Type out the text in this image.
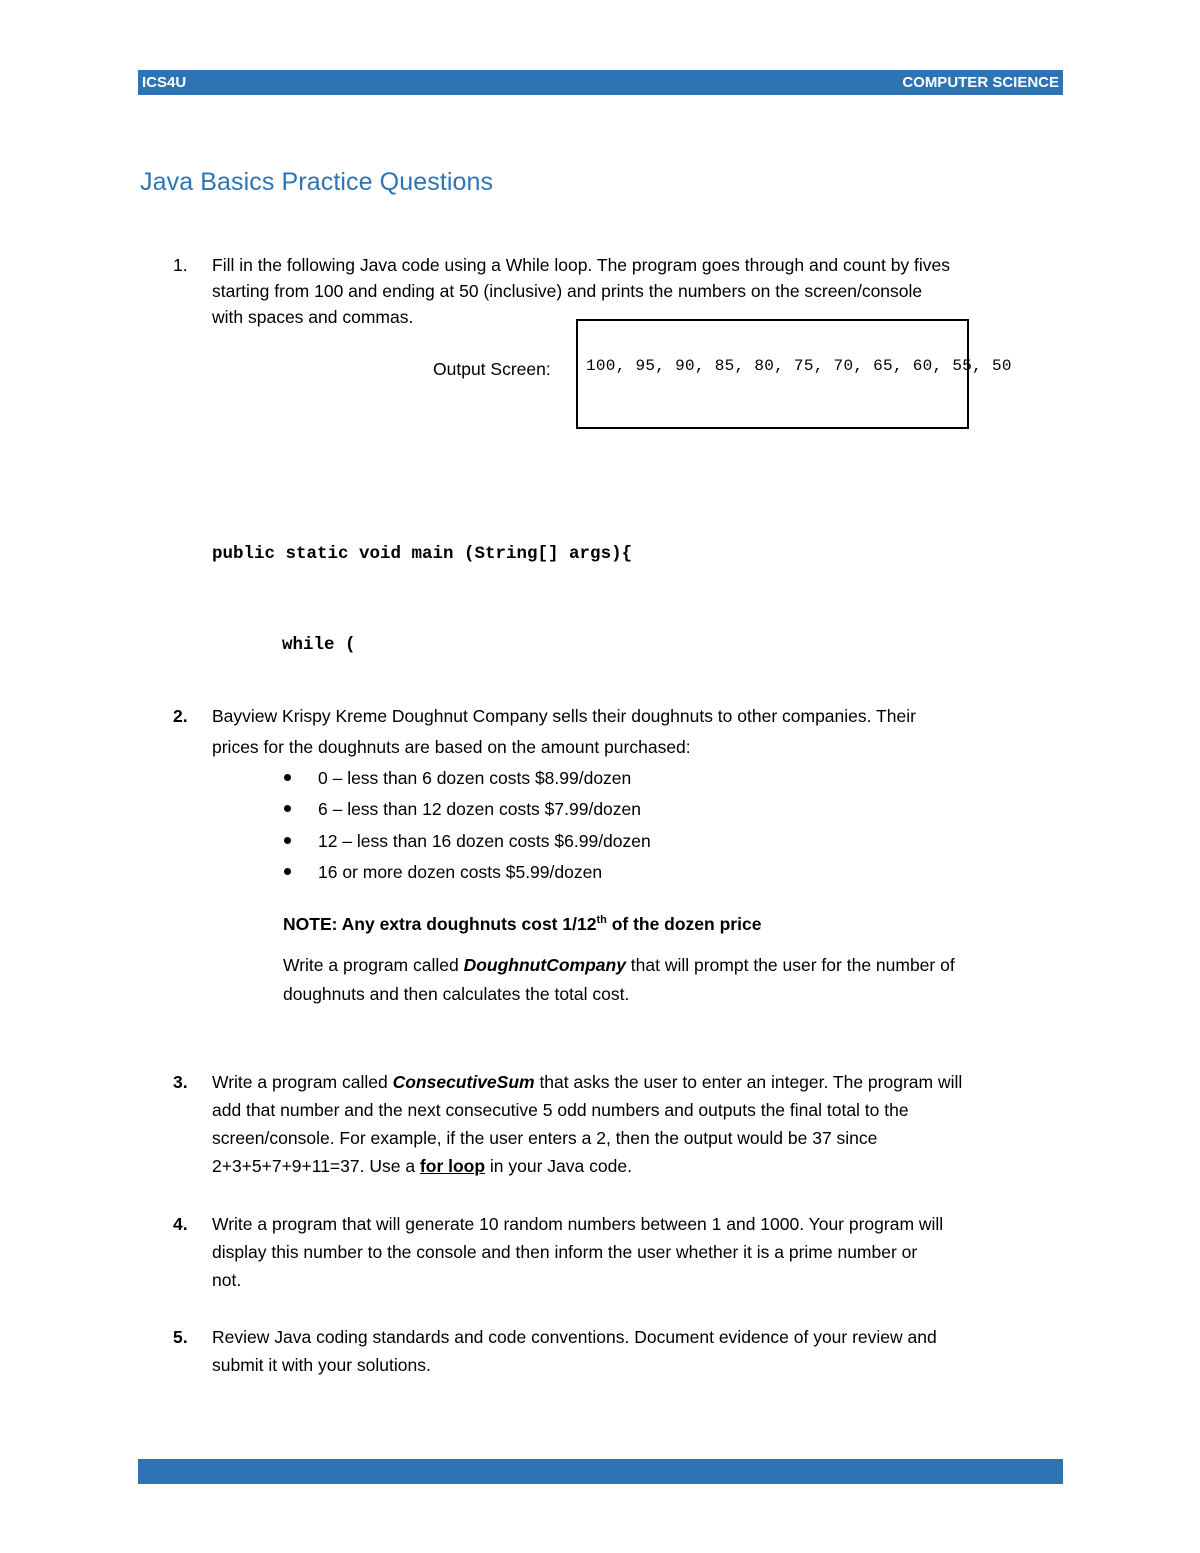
ICS4U	COMPUTER SCIENCE
Java Basics Practice Questions
1. Fill in the following Java code using a While loop. The program goes through and count by fives
starting from 100 and ending at 50 (inclusive) and prints the numbers on the screen/console
with spaces and commas.
Output Screen: 100, 95, 90, 85, 80, 75, 70, 65, 60, 55, 50
public static void main (String[] args){
while (
2. Bayview Krispy Kreme Doughnut Company sells their doughnuts to other companies. Their
prices for the doughnuts are based on the amount purchased:
0 – less than 6 dozen costs $8.99/dozen
6 – less than 12 dozen costs $7.99/dozen
12 – less than 16 dozen costs $6.99/dozen
16 or more dozen costs $5.99/dozen
NOTE: Any extra doughnuts cost 1/12th of the dozen price
Write a program called DoughnutCompany that will prompt the user for the number of
doughnuts and then calculates the total cost.
3. Write a program called ConsecutiveSum that asks the user to enter an integer. The program will
add that number and the next consecutive 5 odd numbers and outputs the final total to the
screen/console. For example, if the user enters a 2, then the output would be 37 since
2+3+5+7+9+11=37. Use a for loop in your Java code.
4. Write a program that will generate 10 random numbers between 1 and 1000. Your program will
display this number to the console and then inform the user whether it is a prime number or
not.
5. Review Java coding standards and code conventions. Document evidence of your review and
submit it with your solutions.
